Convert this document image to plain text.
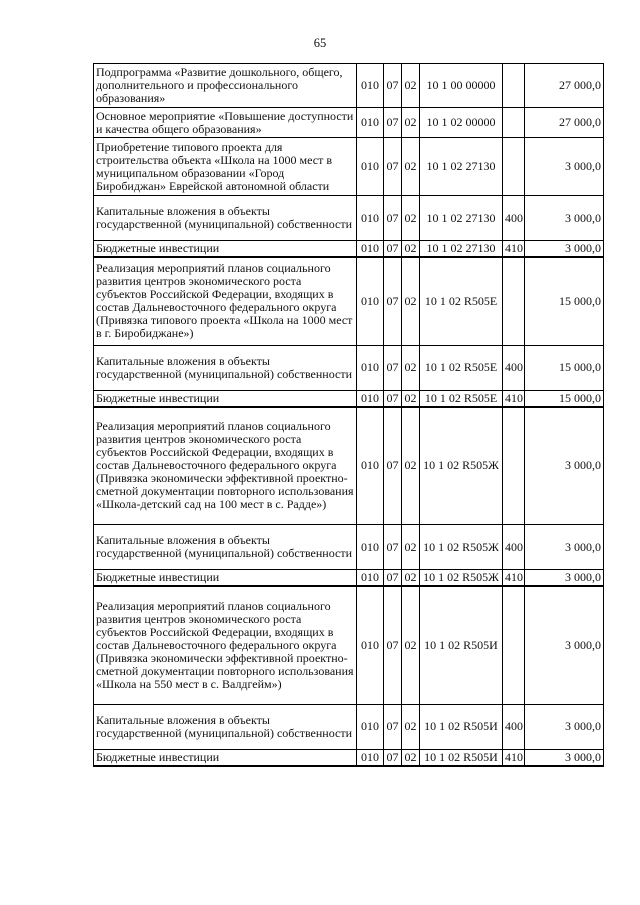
65
Подпрограмма «Развитие дошкольного, общего, дополнительного и профессионального образования»	010	07	02	10 1 00 00000		27 000,0
Основное мероприятие «Повышение доступности и качества общего образования»	010	07	02	10 1 02 00000		27 000,0
Приобретение типового проекта для строительства объекта «Школа на 1000 мест в муниципальном образовании «Город Биробиджан» Еврейской автономной области	010	07	02	10 1 02 27130		3 000,0
Капитальные вложения в объекты государственной (муниципальной) собственности	010	07	02	10 1 02 27130	400	3 000,0
Бюджетные инвестиции	010	07	02	10 1 02 27130	410	3 000,0
Реализация мероприятий планов социального развития центров экономического роста субъектов Российской Федерации, входящих в состав Дальневосточного федерального округа (Привязка типового проекта «Школа на 1000 мест в г. Биробиджане»)	010	07	02	10 1 02 R505E		15 000,0
Капитальные вложения в объекты государственной (муниципальной) собственности	010	07	02	10 1 02 R505E	400	15 000,0
Бюджетные инвестиции	010	07	02	10 1 02 R505E	410	15 000,0
Реализация мероприятий планов социального развития центров экономического роста субъектов Российской Федерации, входящих в состав Дальневосточного федерального округа (Привязка экономически эффективной проектно-сметной документации повторного использования «Школа-детский сад на 100 мест в с. Радде»)	010	07	02	10 1 02 R505Ж		3 000,0
Капитальные вложения в объекты государственной (муниципальной) собственности	010	07	02	10 1 02 R505Ж	400	3 000,0
Бюджетные инвестиции	010	07	02	10 1 02 R505Ж	410	3 000,0
Реализация мероприятий планов социального развития центров экономического роста субъектов Российской Федерации, входящих в состав Дальневосточного федерального округа (Привязка экономически эффективной проектно-сметной документации повторного использования «Школа на 550 мест в с. Валдгейм»)	010	07	02	10 1 02 R505И		3 000,0
Капитальные вложения в объекты государственной (муниципальной) собственности	010	07	02	10 1 02 R505И	400	3 000,0
Бюджетные инвестиции	010	07	02	10 1 02 R505И	410	3 000,0
